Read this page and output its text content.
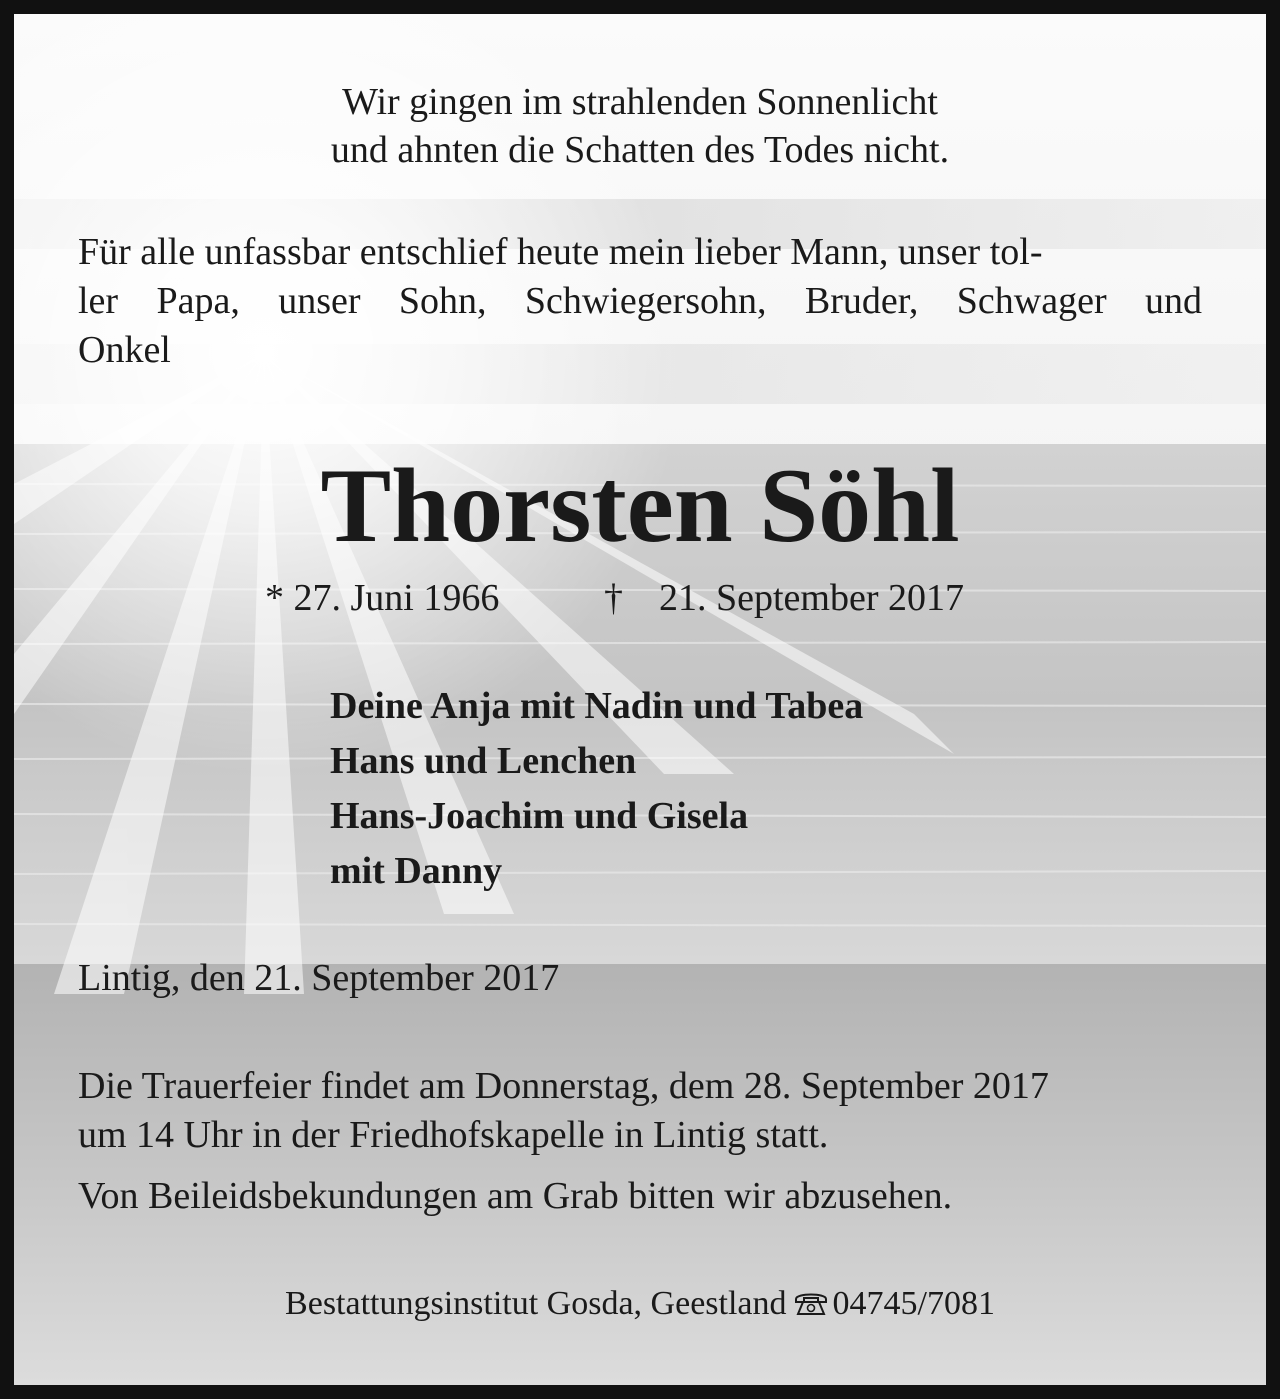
Wir gingen im strahlenden Sonnenlicht

und ahnten die Schatten des Todes nicht.

Für alle unfassbar entschlief heute mein lieber Mann, unser tol-

ler Papa, unser Sohn, Schwiegersohn, Bruder, Schwager und

Onkel

Thorsten Söhl

* 27. Juni 1966	† 21. September 2017

Deine Anja mit Nadin und Tabea

Hans und Lenchen

Hans-Joachim und Gisela

mit Danny

Lintig, den 21. September 2017

Die Trauerfeier findet am Donnerstag, dem 28. September 2017

um 14 Uhr in der Friedhofskapelle in Lintig statt.

Von Beileidsbekundungen am Grab bitten wir abzusehen.

Bestattungsinstitut Gosda, Geestland 04745/7081
